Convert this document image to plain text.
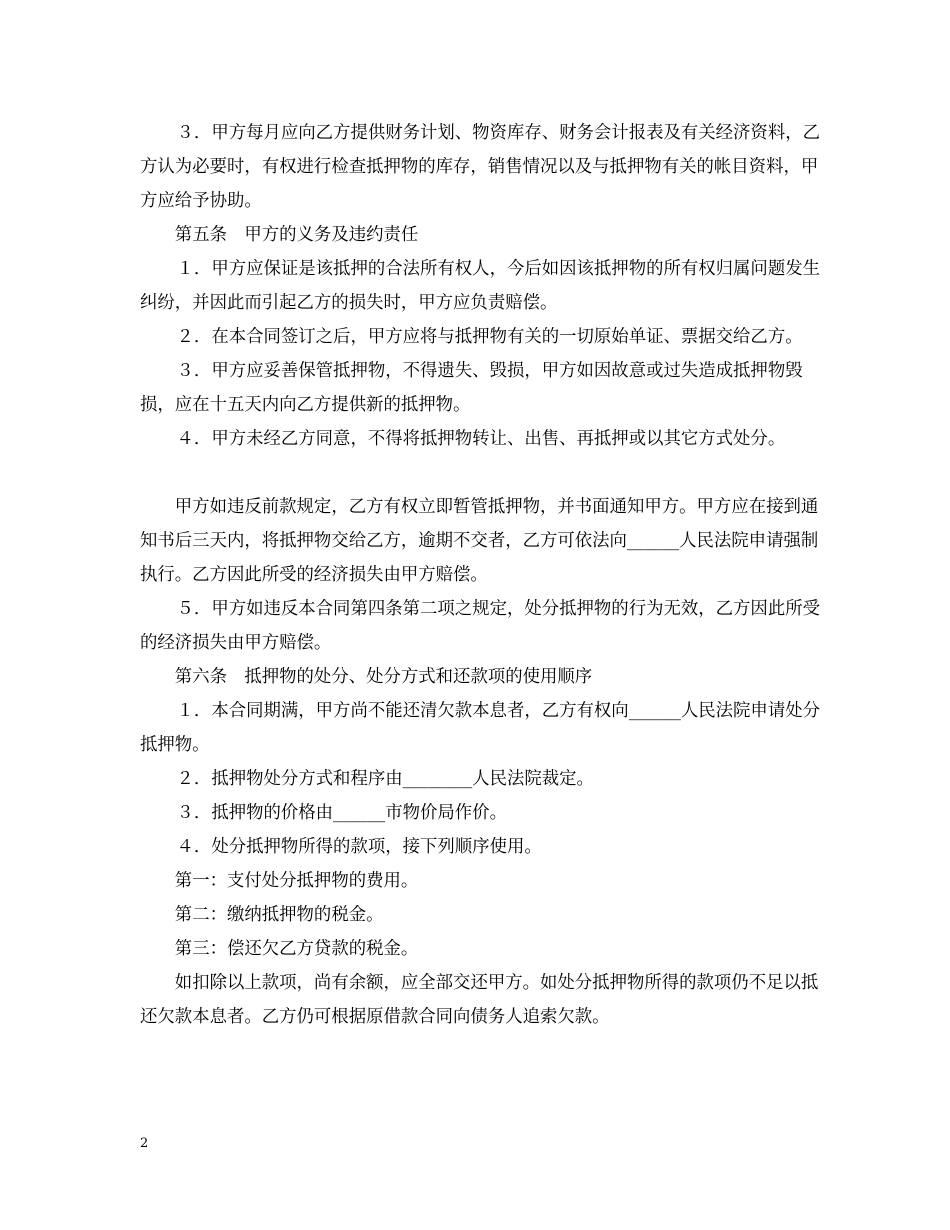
３．甲方每月应向乙方提供财务计划、物资库存、财务会计报表及有关经济资料，乙方认为必要时，有权进行检查抵押物的库存，销售情况以及与抵押物有关的帐目资料，甲方应给予协助。

第五条　甲方的义务及违约责任

１．甲方应保证是该抵押的合法所有权人，今后如因该抵押物的所有权归属问题发生纠纷，并因此而引起乙方的损失时，甲方应负责赔偿。

２．在本合同签订之后，甲方应将与抵押物有关的一切原始单证、票据交给乙方。

３．甲方应妥善保管抵押物，不得遗失、毁损，甲方如因故意或过失造成抵押物毁损，应在十五天内向乙方提供新的抵押物。

４．甲方未经乙方同意，不得将抵押物转让、出售、再抵押或以其它方式处分。

甲方如违反前款规定，乙方有权立即暂管抵押物，并书面通知甲方。甲方应在接到通知书后三天内，将抵押物交给乙方，逾期不交者，乙方可依法向______人民法院申请强制执行。乙方因此所受的经济损失由甲方赔偿。

５．甲方如违反本合同第四条第二项之规定，处分抵押物的行为无效，乙方因此所受的经济损失由甲方赔偿。

第六条　抵押物的处分、处分方式和还款项的使用顺序

１．本合同期满，甲方尚不能还清欠款本息者，乙方有权向______人民法院申请处分抵押物。

２．抵押物处分方式和程序由________人民法院裁定。

３．抵押物的价格由______市物价局作价。

４．处分抵押物所得的款项，接下列顺序使用。

第一：支付处分抵押物的费用。

第二：缴纳抵押物的税金。

第三：偿还欠乙方贷款的税金。

如扣除以上款项，尚有余额，应全部交还甲方。如处分抵押物所得的款项仍不足以抵还欠款本息者。乙方仍可根据原借款合同向债务人追索欠款。

2
